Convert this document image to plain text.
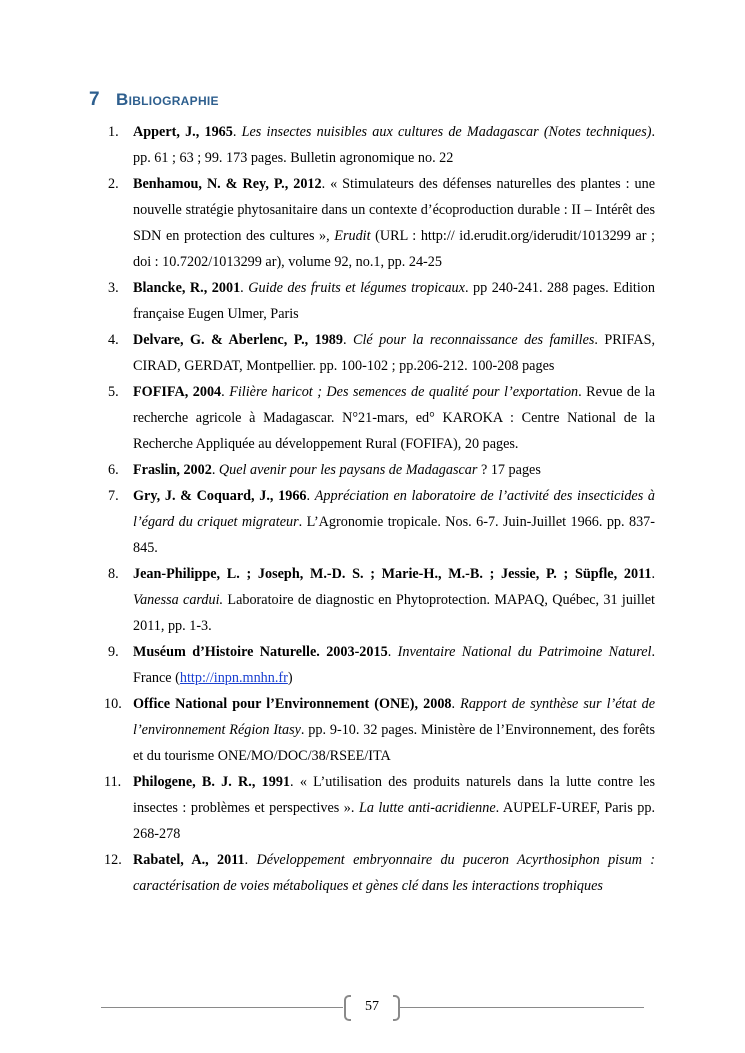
7 Bibliographie
1.	Appert, J., 1965. Les insectes nuisibles aux cultures de Madagascar (Notes techniques). pp. 61 ; 63 ; 99. 173 pages. Bulletin agronomique no. 22
2.	Benhamou, N. & Rey, P., 2012. « Stimulateurs des défenses naturelles des plantes : une nouvelle stratégie phytosanitaire dans un contexte d’écoproduction durable : II – Intérêt des SDN en protection des cultures », Erudit (URL : http:// id.erudit.org/iderudit/1013299 ar ; doi : 10.7202/1013299 ar), volume 92, no.1, pp. 24-25
3.	Blancke, R., 2001. Guide des fruits et légumes tropicaux. pp 240-241. 288 pages. Edition française Eugen Ulmer, Paris
4.	Delvare, G. & Aberlenc, P., 1989. Clé pour la reconnaissance des familles. PRIFAS, CIRAD, GERDAT, Montpellier. pp. 100-102 ; pp.206-212. 100-208 pages
5.	FOFIFA, 2004. Filière haricot ; Des semences de qualité pour l’exportation. Revue de la recherche agricole à Madagascar. N°21-mars, ed° KAROKA : Centre National de la Recherche Appliquée au développement Rural (FOFIFA), 20 pages.
6.	Fraslin, 2002. Quel avenir pour les paysans de Madagascar ? 17 pages
7.	Gry, J. & Coquard, J., 1966. Appréciation en laboratoire de l’activité des insecticides à l’égard du criquet migrateur. L’Agronomie tropicale. Nos. 6-7. Juin-Juillet 1966. pp. 837-845.
8.	Jean-Philippe, L. ; Joseph, M.-D. S. ; Marie-H., M.-B. ; Jessie, P. ; Süpfle, 2011. Vanessa cardui. Laboratoire de diagnostic en Phytoprotection. MAPAQ, Québec, 31 juillet 2011, pp. 1-3.
9.	Muséum d’Histoire Naturelle. 2003-2015. Inventaire National du Patrimoine Naturel. France (http://inpn.mnhn.fr)
10. Office National pour l’Environnement (ONE), 2008. Rapport de synthèse sur l’état de l’environnement Région Itasy. pp. 9-10. 32 pages. Ministère de l’Environnement, des forêts et du tourisme ONE/MO/DOC/38/RSEE/ITA
11. Philogene, B. J. R., 1991. « L’utilisation des produits naturels dans la lutte contre les insectes : problèmes et perspectives ». La lutte anti-acridienne. AUPELF-UREF, Paris pp. 268-278
12. Rabatel, A., 2011. Développement embryonnaire du puceron Acyrthosiphon pisum : caractérisation de voies métaboliques et gènes clé dans les interactions trophiques
57
